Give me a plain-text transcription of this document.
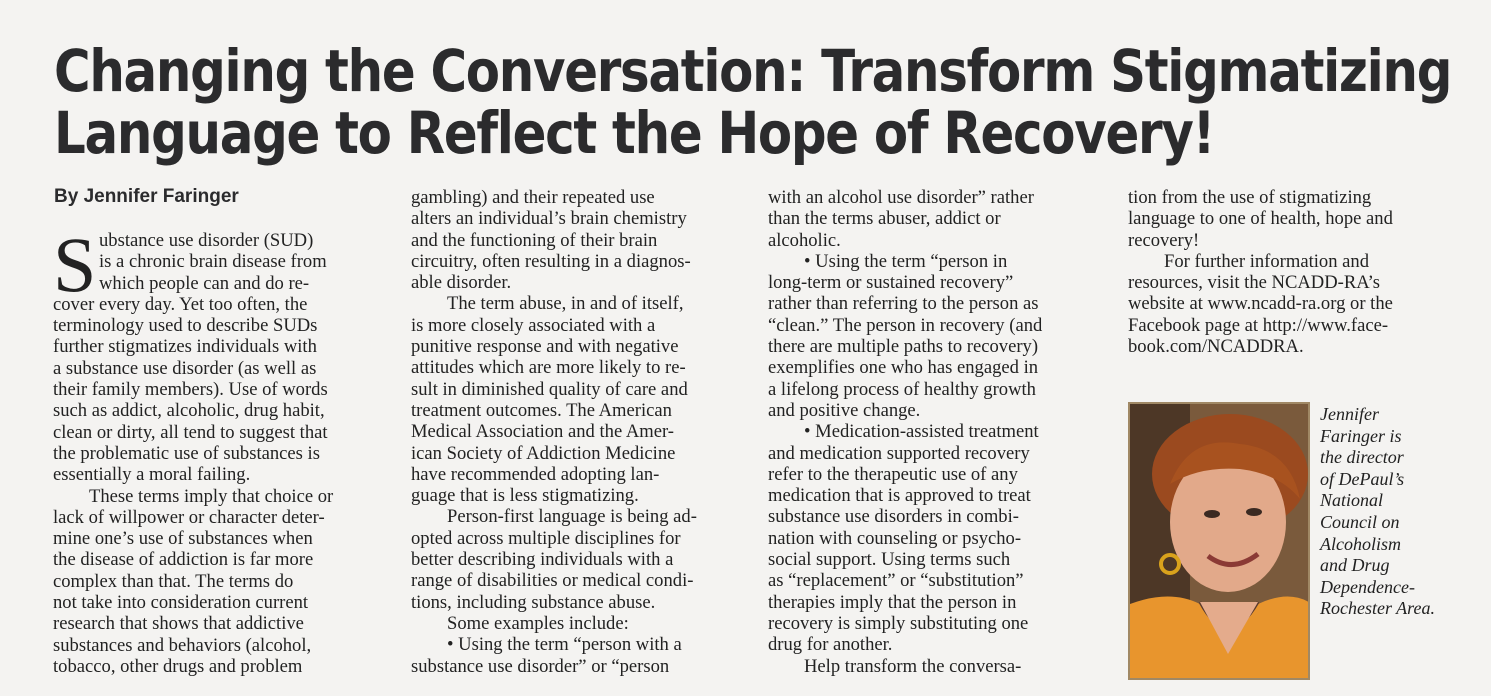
Changing the Conversation: Transform Stigmatizing
Language to Reflect the Hope of Recovery!
By Jennifer Faringer
S ubstance use disorder (SUD)
is a chronic brain disease from
which people can and do re-
cover every day. Yet too often, the
terminology used to describe SUDs
further stigmatizes individuals with
a substance use disorder (as well as
their family members). Use of words
such as addict, alcoholic, drug habit,
clean or dirty, all tend to suggest that
the problematic use of substances is
essentially a moral failing.
These terms imply that choice or
lack of willpower or character deter-
mine one’s use of substances when
the disease of addiction is far more
complex than that. The terms do
not take into consideration current
research that shows that addictive
substances and behaviors (alcohol,
tobacco, other drugs and problem
gambling) and their repeated use
alters an individual’s brain chemistry
and the functioning of their brain
circuitry, often resulting in a diagnos-
able disorder.
The term abuse, in and of itself,
is more closely associated with a
punitive response and with negative
attitudes which are more likely to re-
sult in diminished quality of care and
treatment outcomes. The American
Medical Association and the Amer-
ican Society of Addiction Medicine
have recommended adopting lan-
guage that is less stigmatizing.
Person-first language is being ad-
opted across multiple disciplines for
better describing individuals with a
range of disabilities or medical condi-
tions, including substance abuse.
Some examples include:
• Using the term “person with a
substance use disorder” or “person
with an alcohol use disorder” rather
than the terms abuser, addict or
alcoholic.
• Using the term “person in
long-term or sustained recovery”
rather than referring to the person as
“clean.” The person in recovery (and
there are multiple paths to recovery)
exemplifies one who has engaged in
a lifelong process of healthy growth
and positive change.
• Medication-assisted treatment
and medication supported recovery
refer to the therapeutic use of any
medication that is approved to treat
substance use disorders in combi-
nation with counseling or psycho-
social support. Using terms such
as “replacement” or “substitution”
therapies imply that the person in
recovery is simply substituting one
drug for another.
Help transform the conversa-
tion from the use of stigmatizing
language to one of health, hope and
recovery!
For further information and
resources, visit the NCADD-RA’s
website at www.ncadd-ra.org or the
Facebook page at http://www.face-
book.com/NCADDRA.
Jennifer
Faringer is
the director
of DePaul’s
National
Council on
Alcoholism
and Drug
Dependence-
Rochester Area.
